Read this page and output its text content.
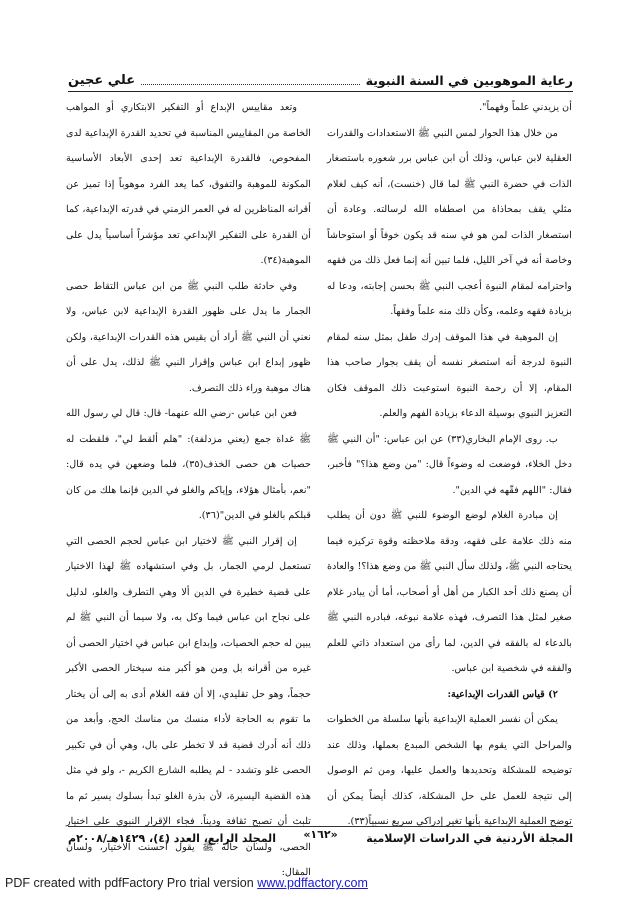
رعاية الموهوبين في السنة النبوية
علي عجين

أن يزيدني علماً وفهماً".

من خلال هذا الحوار لمس النبي ﷺ الاستعدادات والقدرات العقلية لابن عباس، وذلك أن ابن عباس برر شعوره باستصغار الذات في حضرة النبي ﷺ لما قال (خنست)، أنه كيف لغلام مثلي يقف بمحاذاة من اصطفاه الله لرسالته. وعادة أن استصغار الذات لمن هو في سنه قد يكون خوفاً أو استوحاشاً وخاصة أنه في آخر الليل، فلما تبين أنه إنما فعل ذلك من فقهه واحترامه لمقام النبوة أعجب النبي ﷺ بحسن إجابته، ودعا له بزيادة فقهه وعلمه، وكأن ذلك منه علماً وفقهاً.

إن الموهبة في هذا الموقف إدرك طفل بمثل سنه لمقام النبوة لدرجة أنه استصغر نفسه أن يقف بجوار صاحب هذا المقام، إلا أن رحمة النبوة استوعبت ذلك الموقف فكان التعزيز النبوي بوسيلة الدعاء بزيادة الفهم والعلم.

ب. روى الإمام البخاري(٣٣) عن ابن عباس: "أن النبي ﷺ دخل الخلاء، فوضعت له وضوءاً قال: "من وضع هذا؟" فأخبر، فقال: "اللهم فقّهه في الدين".

إن مبادرة الغلام لوضع الوضوء للنبي ﷺ دون أن يطلب منه ذلك علامة على فقهه، ودقة ملاحظته وقوة تركيزه فيما يحتاجه النبي ﷺ، ولذلك سأل النبي ﷺ من وضع هذا؟! والعادة أن يصنع ذلك أحد الكبار من أهل أو أصحاب، أما أن يبادر غلام صغير لمثل هذا التصرف، فهذه علامة نبوغه، فبادره النبي ﷺ بالدعاء له بالفقه في الدين، لما رأى من استعداد ذاتي للعلم والفقه في شخصية ابن عباس.

٢) قياس القدرات الإبداعية:

يمكن أن نفسر العملية الإبداعية بأنها سلسلة من الخطوات والمراحل التي يقوم بها الشخص المبدع بعملها، وذلك عند توضيحه للمشكلة وتحديدها والعمل عليها، ومن ثم الوصول إلى نتيجة للعمل على حل المشكلة، كذلك أيضاً يمكن أن توضح العملية الإبداعية بأنها تغير إدراكي سريع نسبياً(٣٣).

وتعد مقاييس الإبداع أو التفكير الابتكاري أو المواهب الخاصة من المقاييس المناسبة في تحديد القدرة الإبداعية لدى المفحوص، فالقدرة الإبداعية تعد إحدى الأبعاد الأساسية المكونة للموهبة والتفوق، كما يعد الفرد موهوباً إذا تميز عن أقرانه المناظرين له في العمر الزمني في قدرته الإبداعية، كما أن القدرة على التفكير الإبداعي تعد مؤشراً أساسياً يدل على الموهبة(٣٤).

وفي حادثة طلب النبي ﷺ من ابن عباس التقاط حصى الجمار ما يدل على ظهور القدرة الإبداعية لابن عباس، ولا نعني أن النبي ﷺ أراد أن يقيس هذه القدرات الإبداعية، ولكن ظهور إبداع ابن عباس وإقرار النبي ﷺ لذلك، يدل على أن هناك موهبة وراء ذلك التصرف.

فعن ابن عباس -رضي الله عنهما- قال: قال لي رسول الله ﷺ غداة جمع (يعني مزدلفة): "هلم ألقط لي"، فلقطت له حصيات هن حصى الخذف(٣٥)، فلما وضعهن في يده قال: "نعم، بأمثال هؤلاء، وإياكم والغلو في الدين فإنما هلك من كان قبلكم بالغلو في الدين"(٣٦).

إن إقرار النبي ﷺ لاختيار ابن عباس لحجم الحصى التي تستعمل لرمي الجمار، بل وفي استشهاده ﷺ لهذا الاختيار على قضية خطيرة في الدين ألا وهي التطرف والغلو، لدليل على نجاح ابن عباس فيما وكل به، ولا سيما أن النبي ﷺ لم يبين له حجم الحصيات، وإبداع ابن عباس في اختيار الحصى أن غيره من أقرانه بل ومن هو أكبر منه سيختار الحصى الأكبر حجماً، وهو حل تقليدي، إلا أن فقه الغلام أدى به إلى أن يختار ما تقوم به الحاجة لأداء منسك من مناسك الحج، وأبعد من ذلك أنه أدرك قضية قد لا تخطر على بال، وهي أن في تكبير الحصى غلو وتشدد - لم يطلبه الشارع الكريم -، ولو في مثل هذه القضية اليسيرة، لأن بذرة الغلو تبدأ بسلوك يسير ثم ما تلبث أن تصبح ثقافة وديناً. فجاء الإقرار النبوي على اختيار الحصى، ولسان حاله ﷺ يقول أحسنت الاختيار، ولسان المقال:

المجلة الأردنية في الدراسات الإسلامية
«١٦٢»
المجلد الرابع، العدد (٤)، ١٤٢٩هـ/٢٠٠٨م
PDF created with pdfFactory Pro trial version www.pdffactory.com
